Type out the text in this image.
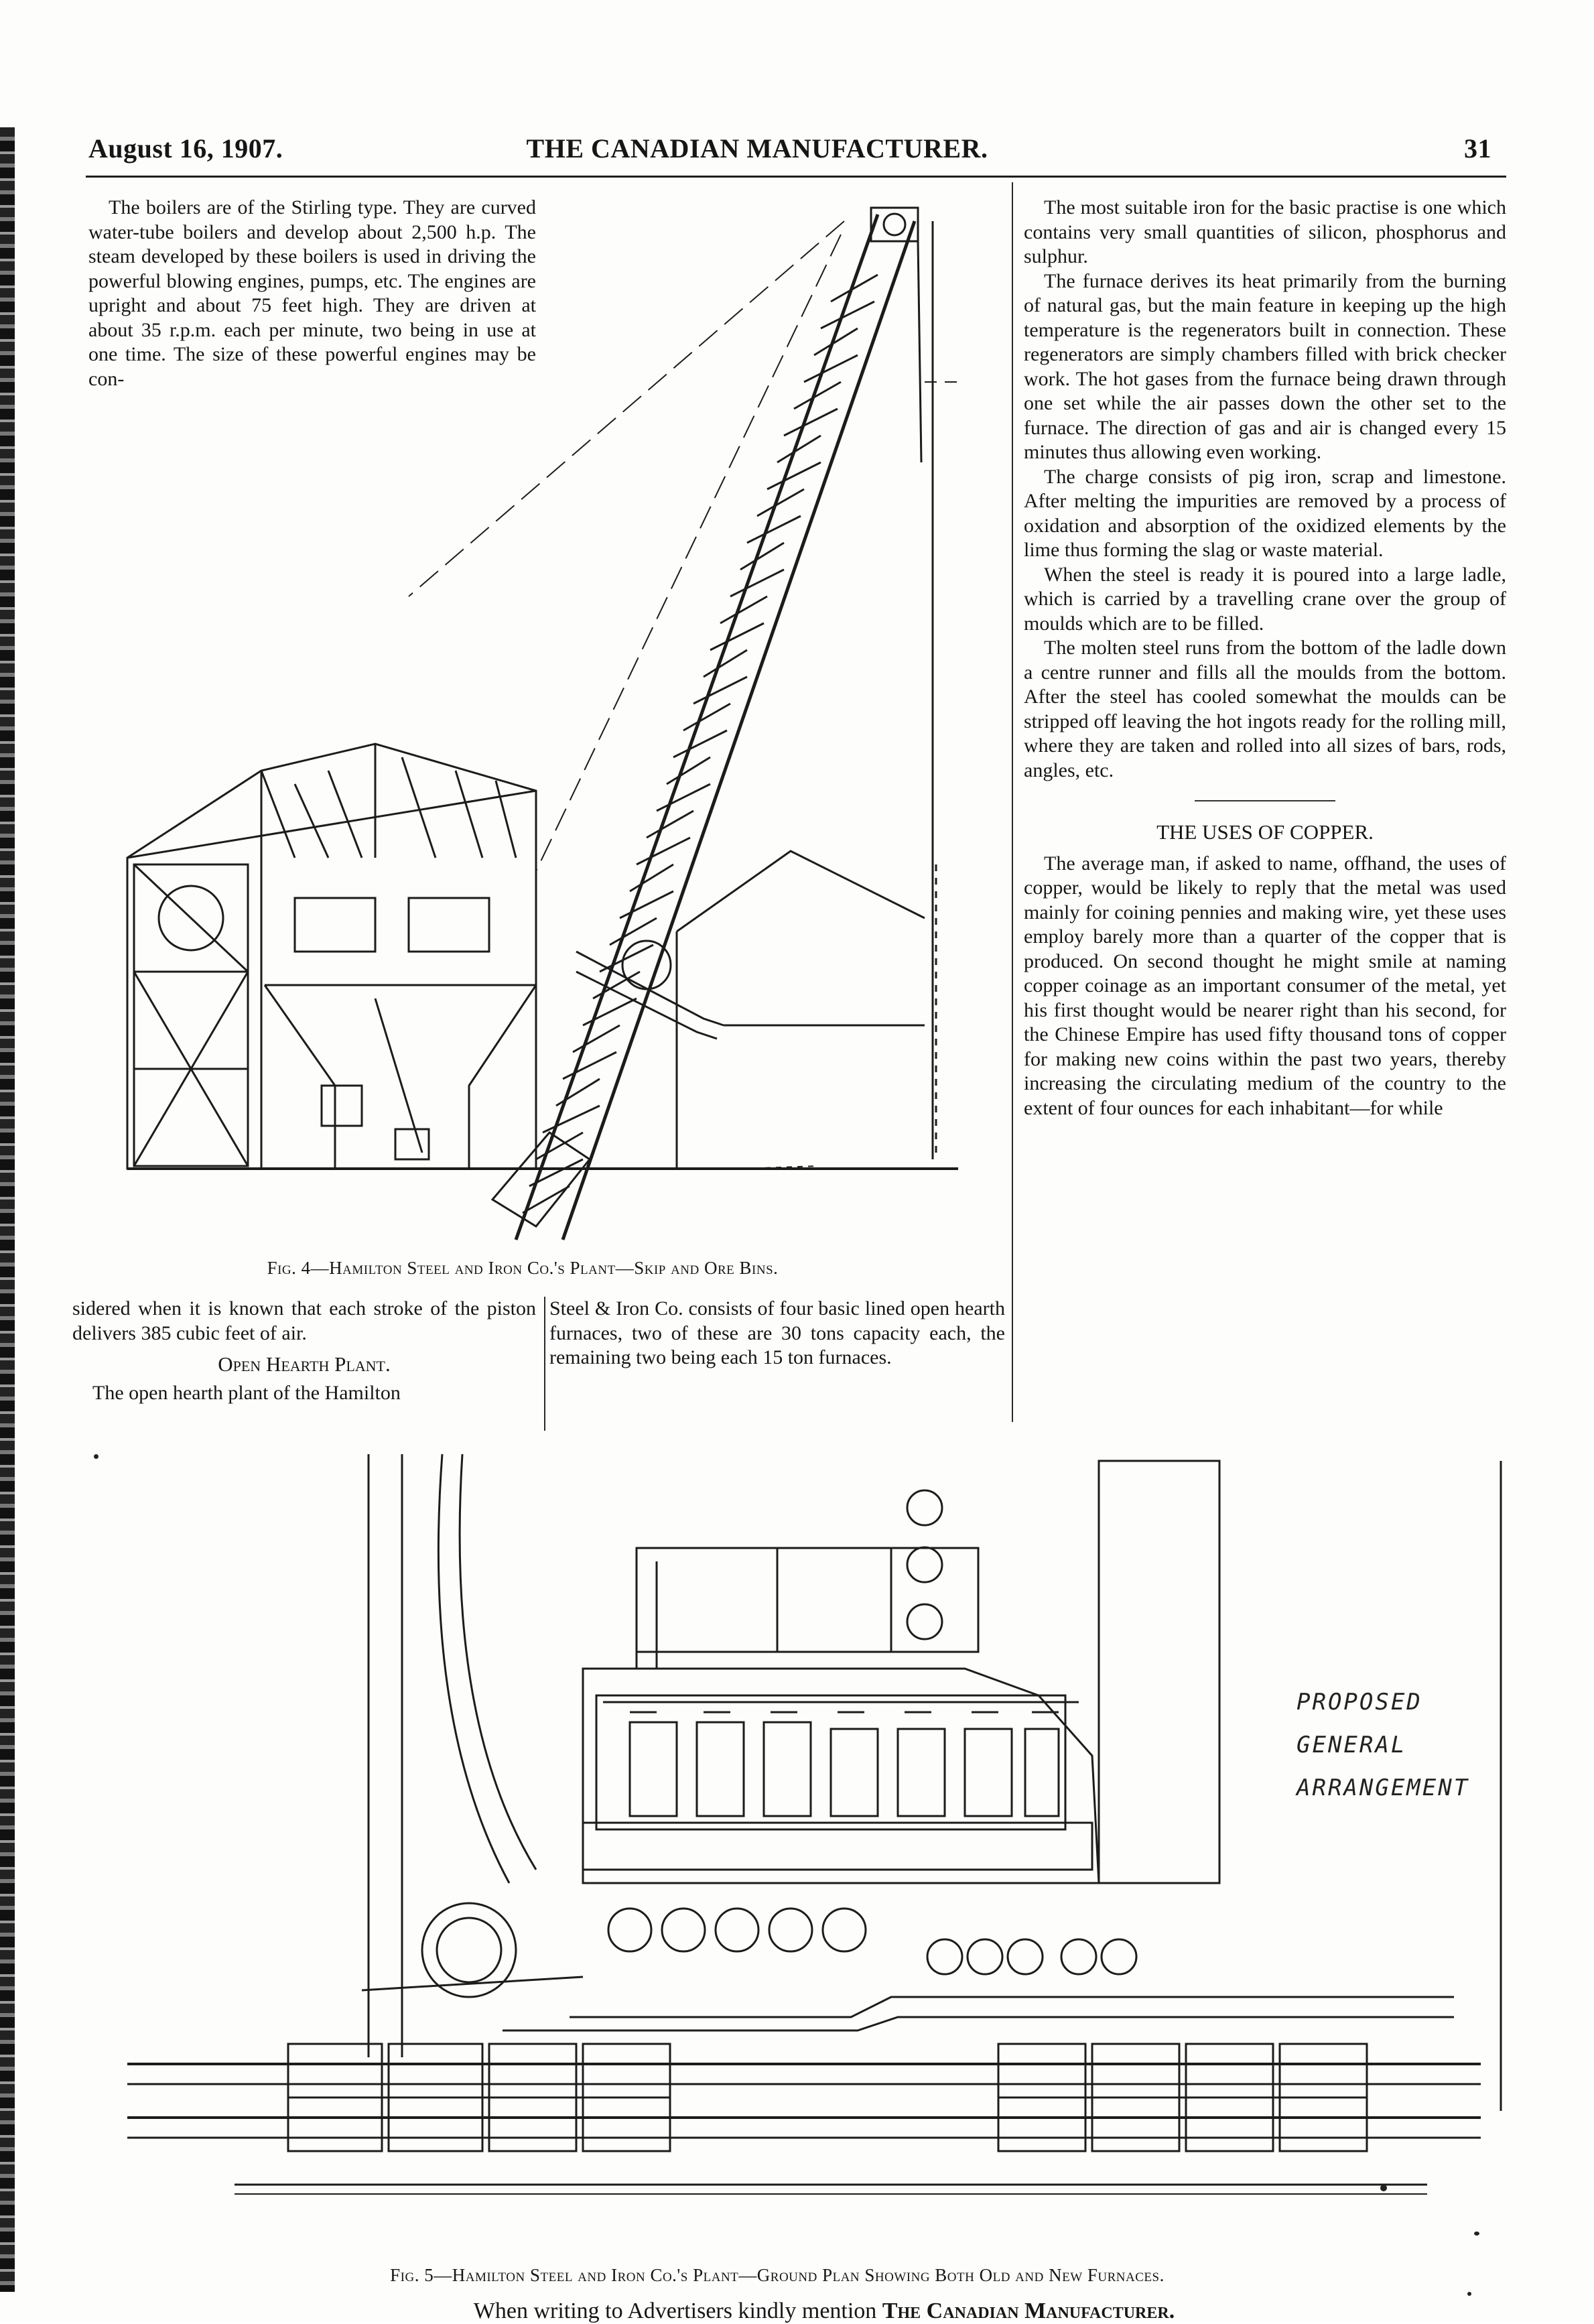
August 16, 1907.	THE CANADIAN MANUFACTURER.	31

The boilers are of the Stirling type. They are curved water-tube boilers and develop about 2,500 h.p. The steam developed by these boilers is used in driving the powerful blowing engines, pumps, etc. The engines are upright and about 75 feet high. They are driven at about 35 r.p.m. each per minute, two being in use at one time. The size of these powerful engines may be con-

The most suitable iron for the basic practise is one which contains very small quantities of silicon, phosphorus and sulphur.

The furnace derives its heat primarily from the burning of natural gas, but the main feature in keeping up the high temperature is the regenerators built in connection. These regenerators are simply chambers filled with brick checker work. The hot gases from the furnace being drawn through one set while the air passes down the other set to the furnace. The direction of gas and air is changed every 15 minutes thus allowing even working.

The charge consists of pig iron, scrap and limestone. After melting the impurities are removed by a process of oxidation and absorption of the oxidized elements by the lime thus forming the slag or waste material.

When the steel is ready it is poured into a large ladle, which is carried by a travelling crane over the group of moulds which are to be filled.

The molten steel runs from the bottom of the ladle down a centre runner and fills all the moulds from the bottom. After the steel has cooled somewhat the moulds can be stripped off leaving the hot ingots ready for the rolling mill, where they are taken and rolled into all sizes of bars, rods, angles, etc.

THE USES OF COPPER.

The average man, if asked to name, offhand, the uses of copper, would be likely to reply that the metal was used mainly for coining pennies and making wire, yet these uses employ barely more than a quarter of the copper that is produced. On second thought he might smile at naming copper coinage as an important consumer of the metal, yet his first thought would be nearer right than his second, for the Chinese Empire has used fifty thousand tons of copper for making new coins within the past two years, thereby increasing the circulating medium of the country to the extent of four ounces for each inhabitant—for while

Fig. 4—Hamilton Steel and Iron Co.'s Plant—Skip and Ore Bins.

sidered when it is known that each stroke of the piston delivers 385 cubic feet of air.

Open Hearth Plant.

The open hearth plant of the Hamilton

Steel & Iron Co. consists of four basic lined open hearth furnaces, two of these are 30 tons capacity each, the remaining two being each 15 ton furnaces.

PROPOSED
GENERAL
ARRANGEMENT
Fig. 5—Hamilton Steel and Iron Co.'s Plant—Ground Plan Showing Both Old and New Furnaces.
When writing to Advertisers kindly mention The Canadian Manufacturer.
